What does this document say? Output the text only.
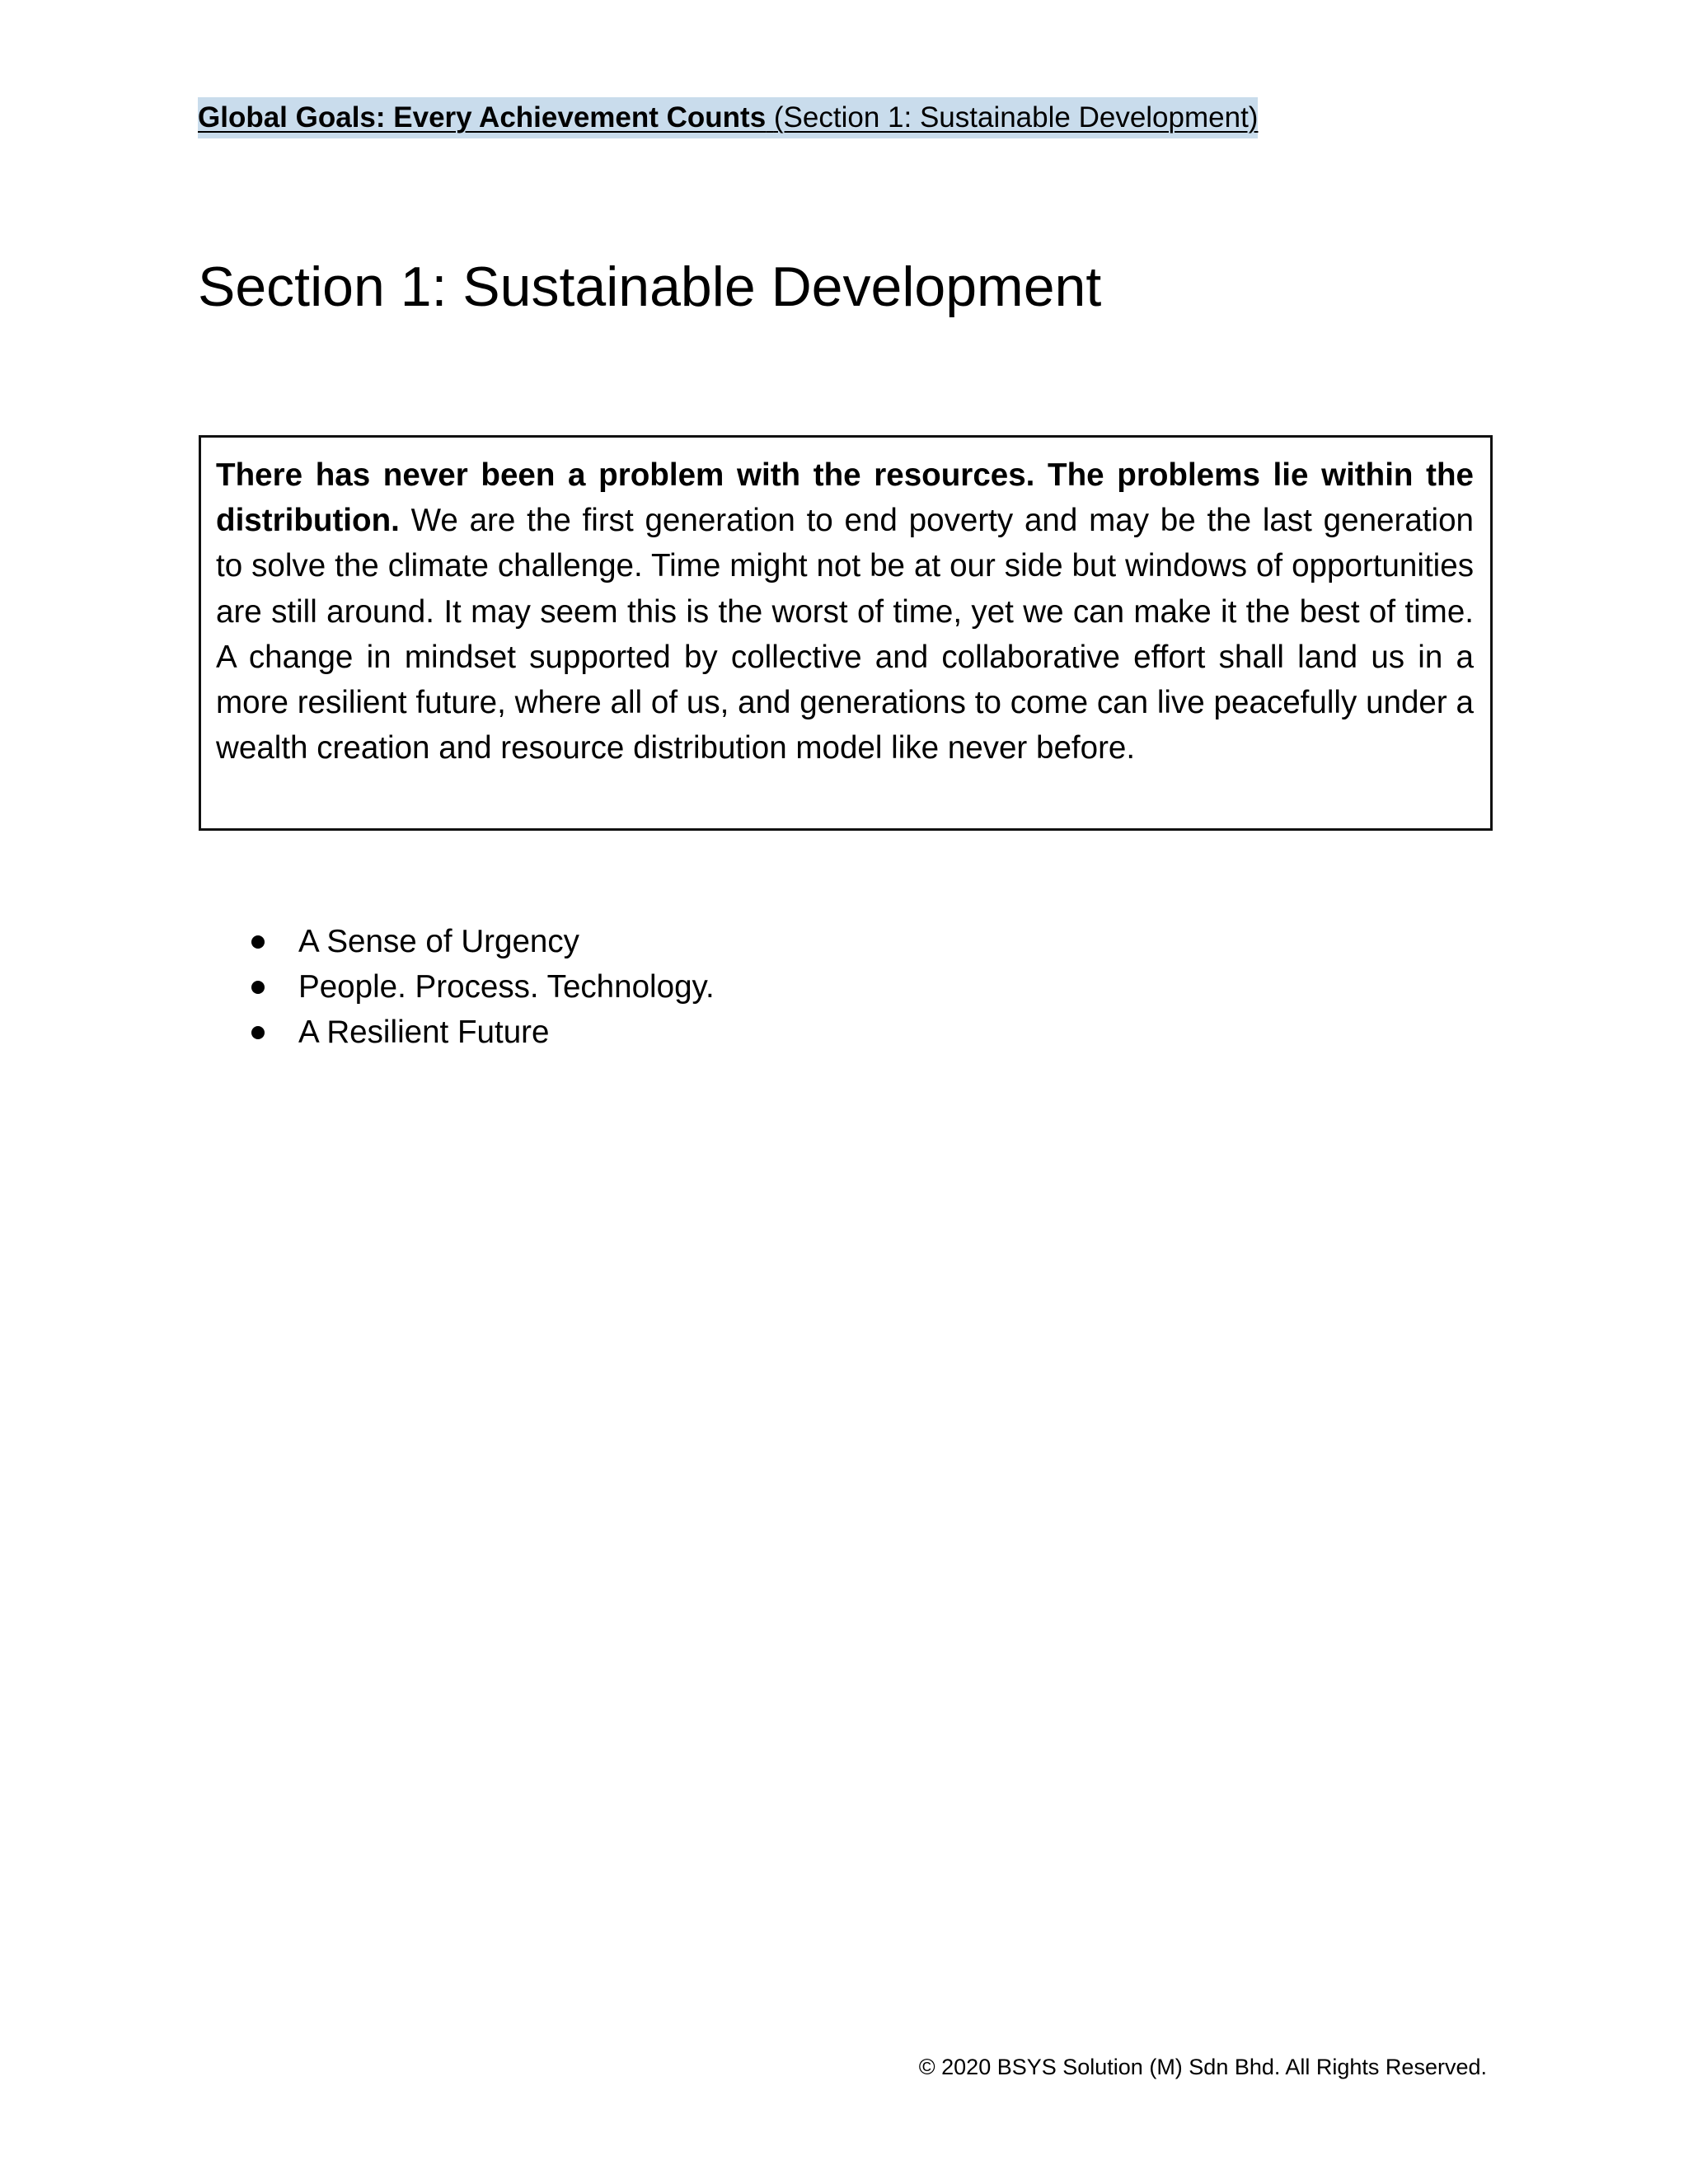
Global Goals: Every Achievement Counts (Section 1: Sustainable Development)
Section 1: Sustainable Development

There has never been a problem with the resources. The problems lie within the distribution. We are the first generation to end poverty and may be the last generation to solve the climate challenge. Time might not be at our side but windows of opportunities are still around. It may seem this is the worst of time, yet we can make it the best of time. A change in mindset supported by collective and collaborative effort shall land us in a more resilient future, where all of us, and generations to come can live peacefully under a wealth creation and resource distribution model like never before.

A Sense of Urgency
People. Process. Technology.
A Resilient Future
© 2020 BSYS Solution (M) Sdn Bhd. All Rights Reserved.
